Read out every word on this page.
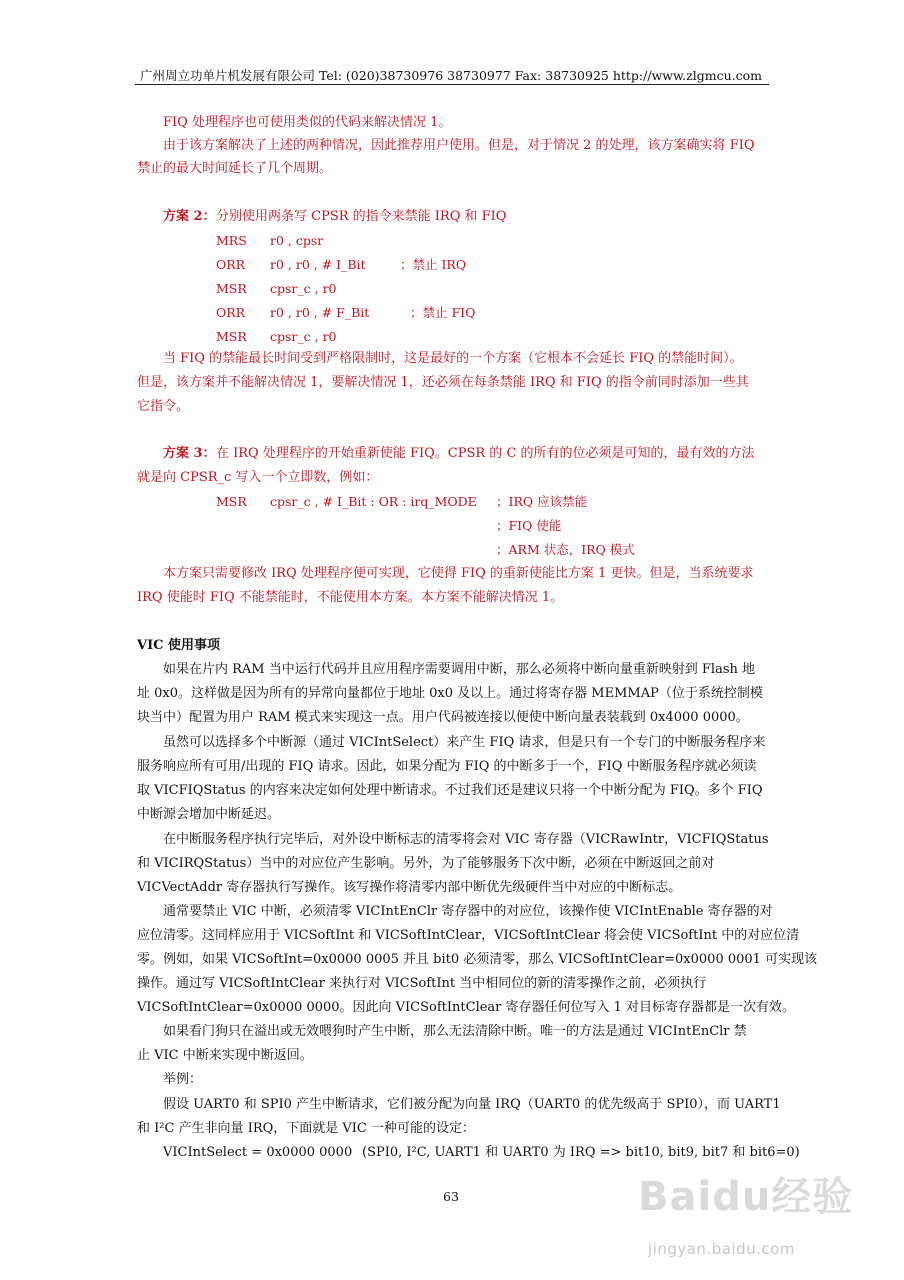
广州周立功单片机发展有限公司 Tel: (020)38730976 38730977 Fax: 38730925 http://www.zlgmcu.com
FIQ 处理程序也可使用类似的代码来解决情况 1。
由于该方案解决了上述的两种情况，因此推荐用户使用。但是，对于情况 2 的处理，该方案确实将 FIQ
禁止的最大时间延长了几个周期。
方案 2： 分别使用两条写 CPSR 的指令来禁能 IRQ 和 FIQ
MRS r0 , cpsr
ORR r0 , r0 , # I_Bit	；禁止 IRQ
MSR cpsr_c , r0
ORR r0 , r0 , # F_Bit	；禁止 FIQ
MSR cpsr_c , r0
当 FIQ 的禁能最长时间受到严格限制时，这是最好的一个方案（它根本不会延长 FIQ 的禁能时间）。
但是，该方案并不能解决情况 1，要解决情况 1，还必须在每条禁能 IRQ 和 FIQ 的指令前同时添加一些其
它指令。
方案 3： 在 IRQ 处理程序的开始重新使能 FIQ。CPSR 的 C 的所有的位必须是可知的，最有效的方法
就是向 CPSR_c 写入一个立即数，例如：
MSR cpsr_c , # I_Bit : OR : irq_MODE ；IRQ 应该禁能
；FIQ 使能
；ARM 状态，IRQ 模式
本方案只需要修改 IRQ 处理程序便可实现，它使得 FIQ 的重新使能比方案 1 更快。但是，当系统要求
IRQ 使能时 FIQ 不能禁能时，不能使用本方案。本方案不能解决情况 1。
VIC 使用事项
如果在片内 RAM 当中运行代码并且应用程序需要调用中断，那么必须将中断向量重新映射到 Flash 地
址 0x0。这样做是因为所有的异常向量都位于地址 0x0 及以上。通过将寄存器 MEMMAP（位于系统控制模
块当中）配置为用户 RAM 模式来实现这一点。用户代码被连接以便使中断向量表装载到 0x4000 0000。
虽然可以选择多个中断源（通过 VICIntSelect）来产生 FIQ 请求，但是只有一个专门的中断服务程序来
服务响应所有可用/出现的 FIQ 请求。因此，如果分配为 FIQ 的中断多于一个，FIQ 中断服务程序就必须读
取 VICFIQStatus 的内容来决定如何处理中断请求。不过我们还是建议只将一个中断分配为 FIQ。多个 FIQ
中断源会增加中断延迟。
在中断服务程序执行完毕后，对外设中断标志的清零将会对 VIC 寄存器（VICRawIntr，VICFIQStatus
和 VICIRQStatus）当中的对应位产生影响。另外，为了能够服务下次中断，必须在中断返回之前对
VICVectAddr 寄存器执行写操作。该写操作将清零内部中断优先级硬件当中对应的中断标志。
通常要禁止 VIC 中断，必须清零 VICIntEnClr 寄存器中的对应位，该操作使 VICIntEnable 寄存器的对
应位清零。这同样应用于 VICSoftInt 和 VICSoftIntClear，VICSoftIntClear 将会使 VICSoftInt 中的对应位清
零。例如，如果 VICSoftInt=0x0000 0005 并且 bit0 必须清零，那么 VICSoftIntClear=0x0000 0001 可实现该
操作。通过写 VICSoftIntClear 来执行对 VICSoftInt 当中相同位的新的清零操作之前，必须执行
VICSoftIntClear=0x0000 0000。因此向 VICSoftIntClear 寄存器任何位写入 1 对目标寄存器都是一次有效。
如果看门狗只在溢出或无效喂狗时产生中断，那么无法清除中断。唯一的方法是通过 VICIntEnClr 禁
止 VIC 中断来实现中断返回。
举例：
假设 UART0 和 SPI0 产生中断请求，它们被分配为向量 IRQ（UART0 的优先级高于 SPI0），而 UART1
和 I²C 产生非向量 IRQ，下面就是 VIC 一种可能的设定：
VICIntSelect = 0x0000 0000 (SPI0, I²C, UART1 和 UART0 为 IRQ => bit10, bit9, bit7 和 bit6=0)
63	Baidu经验
jingyan.baidu.com
